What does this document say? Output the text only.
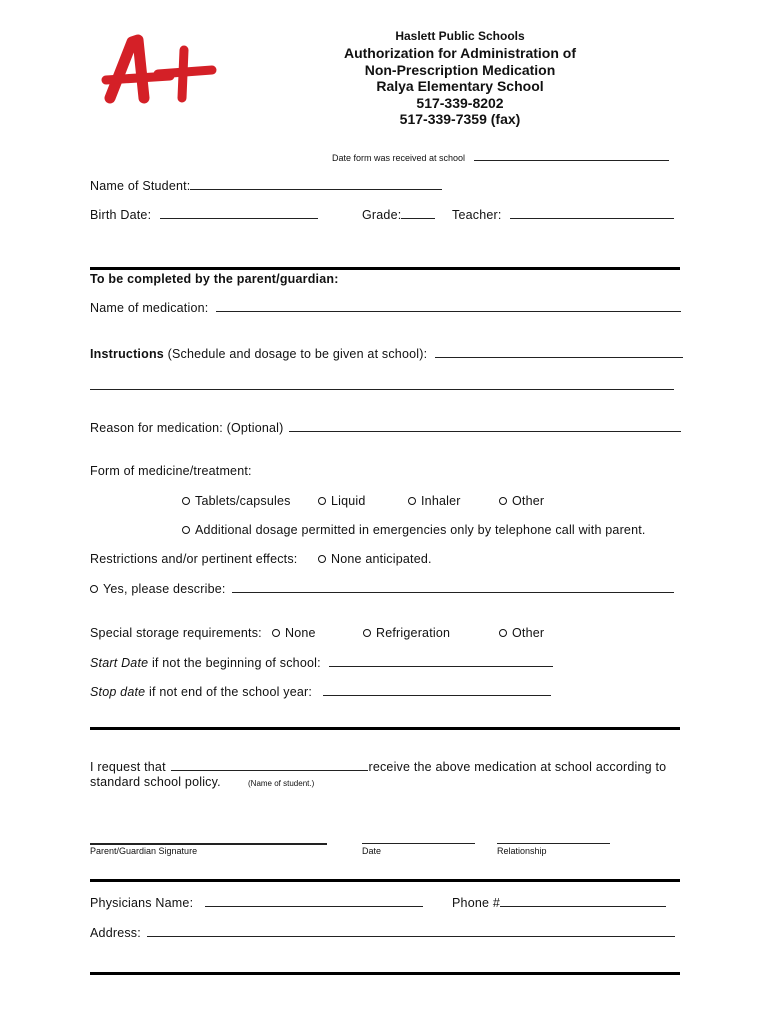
Haslett Public Schools
Authorization for Administration of
Non-Prescription Medication
Ralya Elementary School
517-339-8202
517-339-7359 (fax)
Date form was received at school
Name of Student:
Birth Date:	Grade:	Teacher:
To be completed by the parent/guardian:
Name of medication:
Instructions (Schedule and dosage to be given at school):
Reason for medication: (Optional)
Form of medicine/treatment:
Tablets/capsules	Liquid	Inhaler	Other
Additional dosage permitted in emergencies only by telephone call with parent.
Restrictions and/or pertinent effects:	None anticipated.
Yes, please describe:
Special storage requirements:	None	Refrigeration	Other
Start Date if not the beginning of school:
Stop date if not end of the school year:
I request that	receive the above medication at school according to
standard school policy.	(Name of student.)
Parent/Guardian Signature	Date	Relationship
Physicians Name:	Phone #
Address:
